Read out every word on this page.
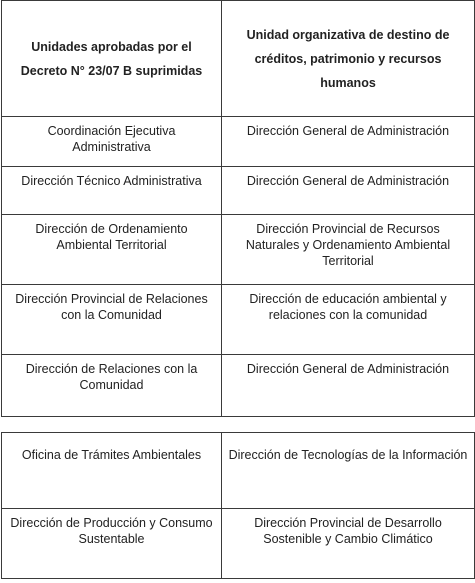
Unidades aprobadas por el Decreto N° 23/07 B suprimidas	Unidad organizativa de destino de créditos, patrimonio y recursos humanos
Coordinación Ejecutiva Administrativa	Dirección General de Administración
Dirección Técnico Administrativa	Dirección General de Administración
Dirección de Ordenamiento Ambiental Territorial	Dirección Provincial de Recursos Naturales y Ordenamiento Ambiental Territorial
Dirección Provincial de Relaciones con la Comunidad	Dirección de educación ambiental y relaciones con la comunidad
Dirección de Relaciones con la Comunidad	Dirección General de Administración
Oficina de Trámites Ambientales	Dirección de Tecnologías de la Información
Dirección de Producción y Consumo Sustentable	Dirección Provincial de Desarrollo Sostenible y Cambio Climático
